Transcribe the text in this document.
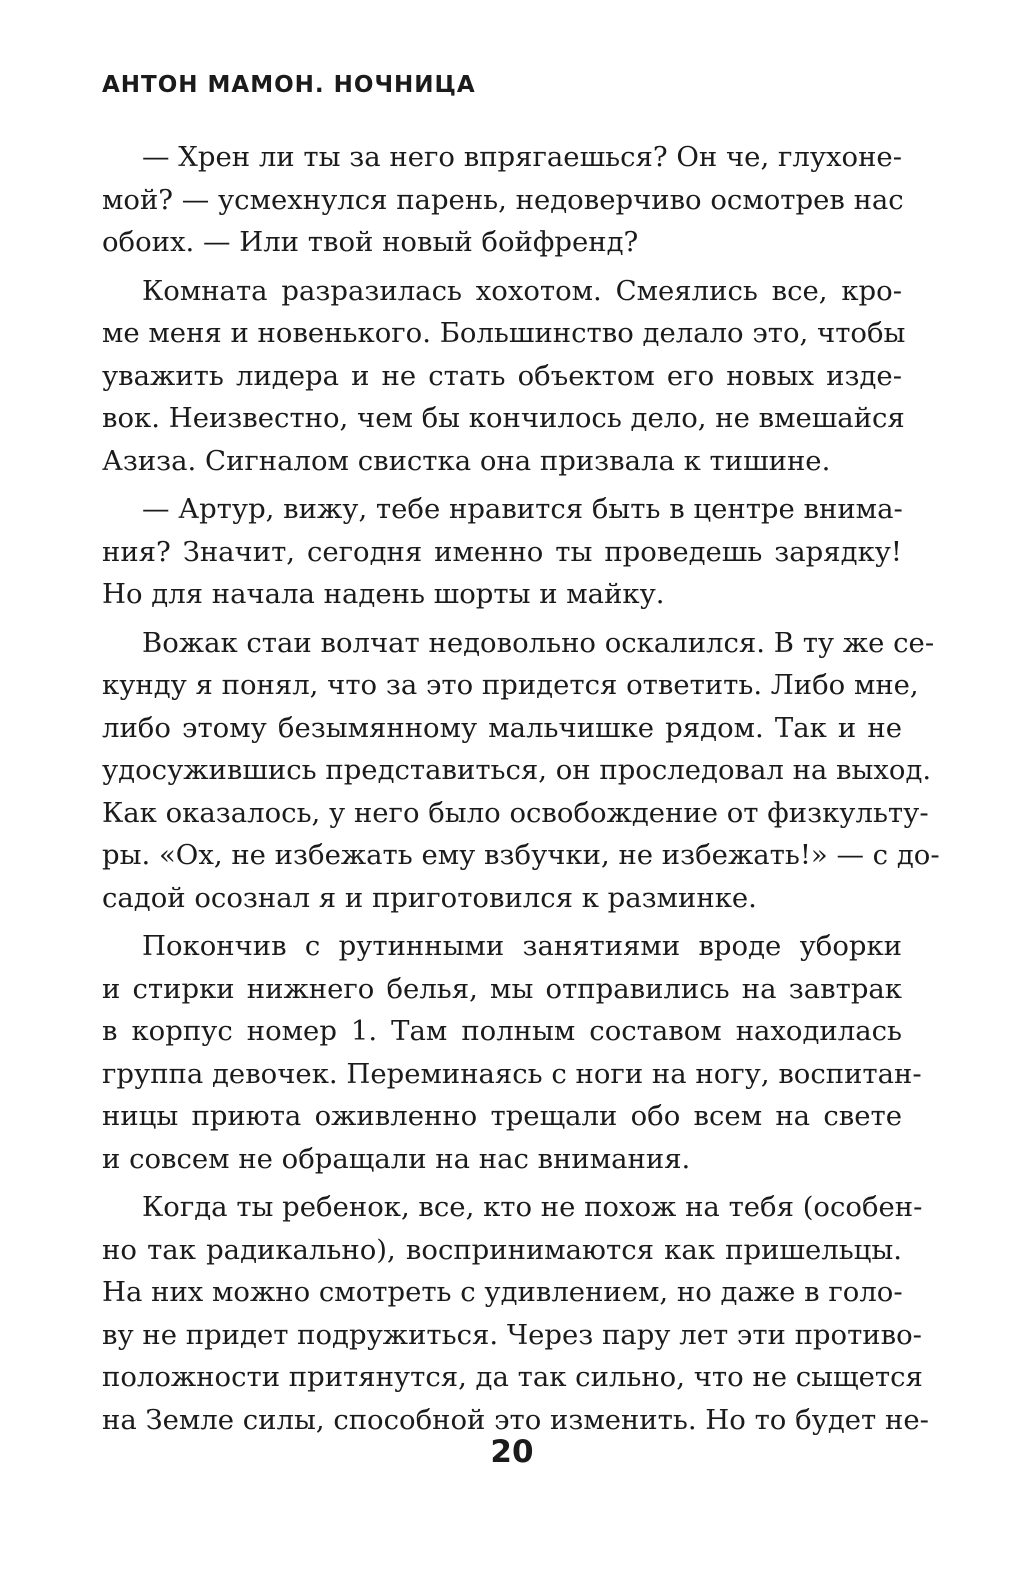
АНТОН МАМОН. НОЧНИЦА
— Хрен ли ты за него впрягаешься? Он че, глухоне-
мой? — усмехнулся парень, недоверчиво осмотрев нас
обоих. — Или твой новый бойфренд?
Комната разразилась хохотом. Смеялись все, кро-
ме меня и новенького. Большинство делало это, чтобы
уважить лидера и не стать объектом его новых изде-
вок. Неизвестно, чем бы кончилось дело, не вмешайся
Азиза. Сигналом свистка она призвала к тишине.
— Артур, вижу, тебе нравится быть в центре внима-
ния? Значит, сегодня именно ты проведешь зарядку!
Но для начала надень шорты и майку.
Вожак стаи волчат недовольно оскалился. В ту же се-
кунду я понял, что за это придется ответить. Либо мне,
либо этому безымянному мальчишке рядом. Так и не
удосужившись представиться, он проследовал на выход.
Как оказалось, у него было освобождение от физкульту-
ры. «Ох, не избежать ему взбучки, не избежать!» — с до-
садой осознал я и приготовился к разминке.
Покончив с рутинными занятиями вроде уборки
и стирки нижнего белья, мы отправились на завтрак
в корпус номер 1. Там полным составом находилась
группа девочек. Переминаясь с ноги на ногу, воспитан-
ницы приюта оживленно трещали обо всем на свете
и совсем не обращали на нас внимания.
Когда ты ребенок, все, кто не похож на тебя (особен-
но так радикально), воспринимаются как пришельцы.
На них можно смотреть с удивлением, но даже в голо-
ву не придет подружиться. Через пару лет эти противо-
положности притянутся, да так сильно, что не сыщется
на Земле силы, способной это изменить. Но то будет не-
20
